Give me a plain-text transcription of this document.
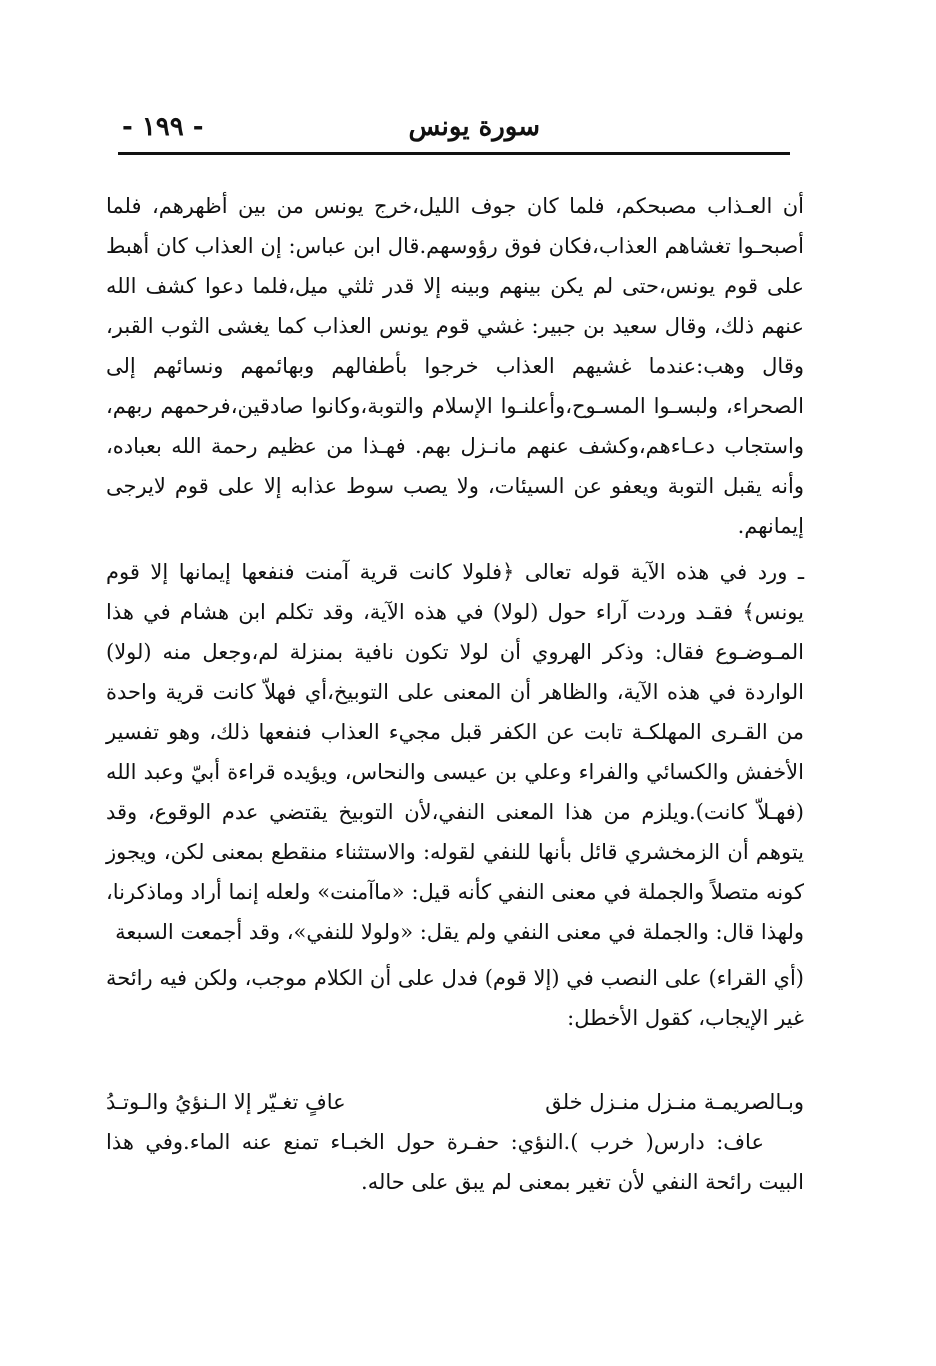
سورة يونس
- ١٩٩ -

أن العـذاب مصبحكم، فلما كان جوف الليل،خرج يونس من بين أظهرهم، فلما أصبحـوا تغشاهم العذاب،فكان فوق رؤوسهم.قال ابن عباس: إن العذاب كان أهبط على قوم يونس،حتى لم يكن بينهم وبينه إلا قدر ثلثي ميل،فلما دعوا كشف الله عنهم ذلك، وقال سعيد بن جبير: غشي قوم يونس العذاب كما يغشى الثوب القبر، وقال وهب:عندما غشيهم العذاب خرجوا بأطفالهم وبهائمهم ونسائهم إلى الصحراء، ولبسـوا المسـوح،وأعلنـوا الإسلام والتوبة،وكانوا صادقين،فرحمهم ربهم، واستجاب دعـاءهم،وكشف عنهم مانـزل بهم. فهـذا من عظيم رحمة الله بعباده، وأنه يقبل التوبة ويعفو عن السيئات، ولا يصب سوط عذابه إلا على قوم لايرجى إيمانهم.

ـ ورد في هذه الآية قوله تعالى ﴿فلولا كانت قرية آمنت فنفعها إيمانها إلا قوم يونس﴾ فقـد وردت آراء حول (لولا) في هذه الآية، وقد تكلم ابن هشام في هذا المـوضـوع فقال: وذكر الهروي أن لولا تكون نافية بمنزلة لم،وجعل منه (لولا) الواردة في هذه الآية، والظاهر أن المعنى على التوبيخ،أي فهلاّ كانت قرية واحدة من القـرى المهلكـة تابت عن الكفر قبل مجيء العذاب فنفعها ذلك، وهو تفسير الأخفش والكسائي والفراء وعلي بن عيسى والنحاس، ويؤيده قراءة أبيّ وعبد الله (فهـلاّ كانت).ويلزم من هذا المعنى النفي،لأن التوبيخ يقتضي عدم الوقوع، وقد يتوهم أن الزمخشري قائل بأنها للنفي لقوله: والاستثناء منقطع بمعنى لكن، ويجوز كونه متصلاً والجملة في معنى النفي كأنه قيل: «ماآمنت» ولعله إنما أراد وماذكرنا، ولهذا قال: والجملة في معنى النفي ولم يقل: «ولولا للنفي»، وقد أجمعت السبعة

(أي القراء) على النصب في (إلا قوم) فدل على أن الكلام موجب، ولكن فيه رائحة غير الإيجاب، كقول الأخطل:

وبـالصريمـة منـزل منـزل خلق
عافٍ تغـيّر إلا الـنؤيُ والـوتـدُ

عاف: دارس( خرب ).النؤي: حفـرة حول الخبـاء تمنع عنه الماء.وفي هذا البيت رائحة النفي لأن تغير بمعنى لم يبق على حاله.
